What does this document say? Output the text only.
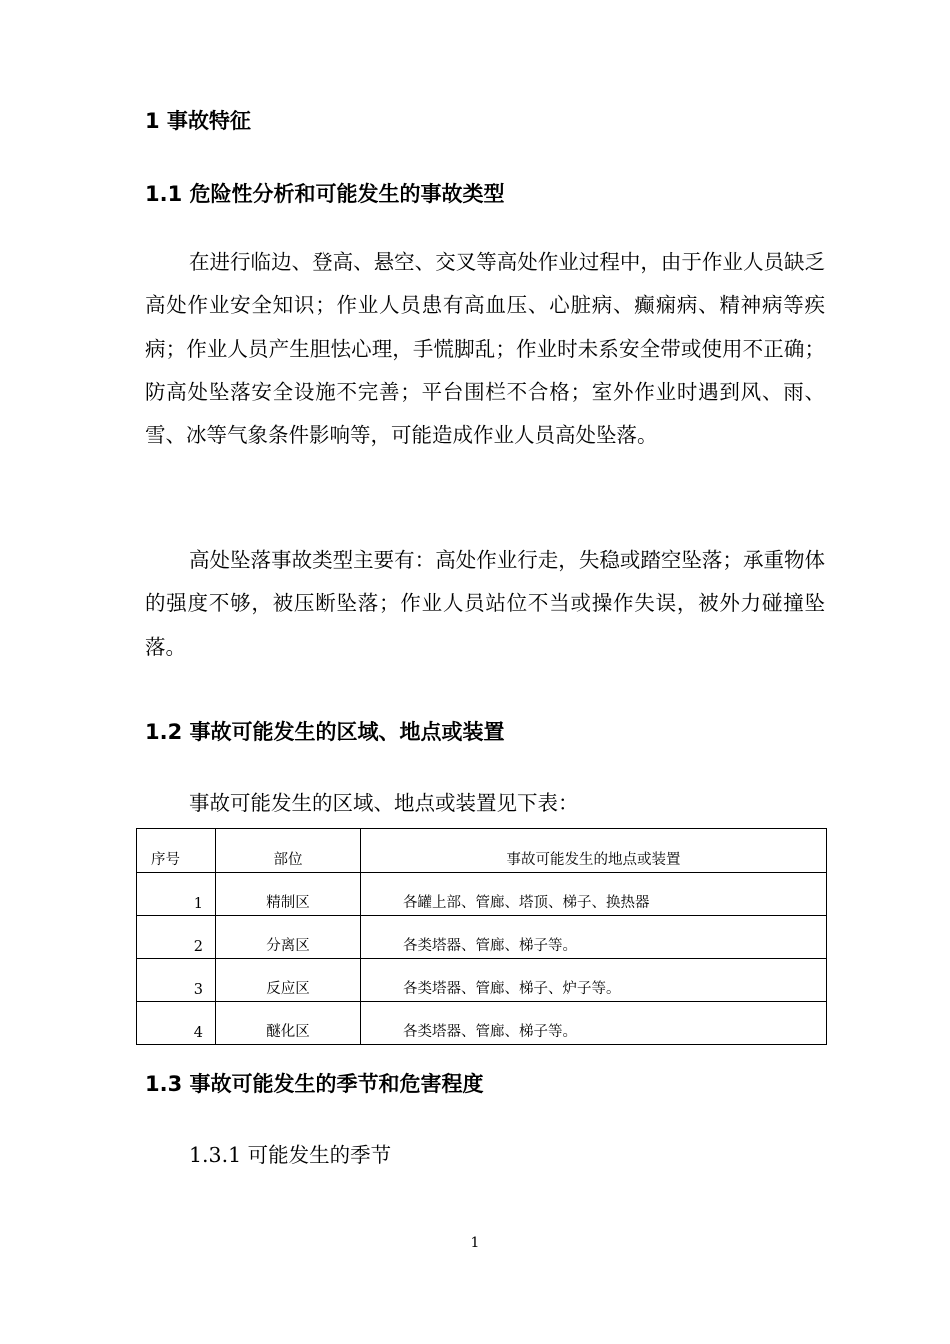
1 事故特征
1.1 危险性分析和可能发生的事故类型
在进行临边、登高、悬空、交叉等高处作业过程中，由于作业人员缺乏高处作业安全知识；作业人员患有高血压、心脏病、癫痫病、精神病等疾病；作业人员产生胆怯心理，手慌脚乱；作业时未系安全带或使用不正确；防高处坠落安全设施不完善；平台围栏不合格；室外作业时遇到风、雨、雪、冰等气象条件影响等，可能造成作业人员高处坠落。
高处坠落事故类型主要有：高处作业行走，失稳或踏空坠落；承重物体的强度不够，被压断坠落；作业人员站位不当或操作失误，被外力碰撞坠落。
1.2 事故可能发生的区域、地点或装置
事故可能发生的区域、地点或装置见下表：
序号	部位	事故可能发生的地点或装置
1	精制区	各罐上部、管廊、塔顶、梯子、换热器
2	分离区	各类塔器、管廊、梯子等。
3	反应区	各类塔器、管廊、梯子、炉子等。
4	醚化区	各类塔器、管廊、梯子等。
1.3 事故可能发生的季节和危害程度
1.3.1 可能发生的季节
1
